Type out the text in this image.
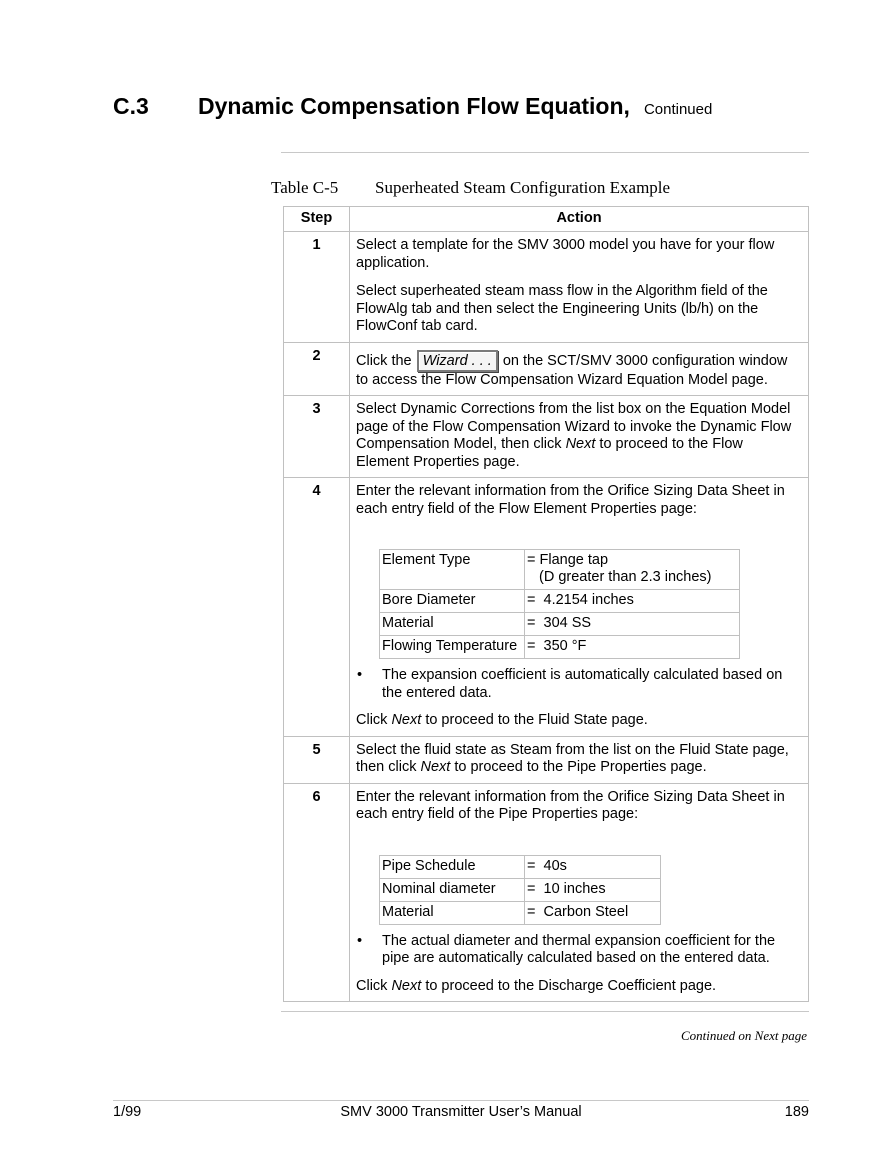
C.3	Dynamic Compensation Flow Equation, Continued
Table C-5	Superheated Steam Configuration Example
Step	Action
1	Select a template for the SMV 3000 model you have for your flow application.

Select superheated steam mass flow in the Algorithm field of the FlowAlg tab and then select the Engineering Units (lb/h) on the FlowConf tab card.

2	Click the Wizard . . . on the SCT/SMV 3000 configuration window to access the Flow Compensation Wizard Equation Model page.

3	Select Dynamic Corrections from the list box on the Equation Model page of the Flow Compensation Wizard to invoke the Dynamic Flow Compensation Model, then click Next to proceed to the Flow Element Properties page.

4	Enter the relevant information from the Orifice Sizing Data Sheet in each entry field of the Flow Element Properties page:

Element Type	= Flange tap
(D greater than 2.3 inches)

Bore Diameter	=  4.2154 inches
Material	=  304 SS
Flowing Temperature	=  350 °F
•	The expansion coefficient is automatically calculated based on the entered data.

Click Next to proceed to the Fluid State page.

5	Select the fluid state as Steam from the list on the Fluid State page, then click Next to proceed to the Pipe Properties page.

6	Enter the relevant information from the Orifice Sizing Data Sheet in each entry field of the Pipe Properties page:

Pipe Schedule	=  40s
Nominal diameter	=  10 inches
Material	=  Carbon Steel
•	The actual diameter and thermal expansion coefficient for the pipe are automatically calculated based on the entered data.

Click Next to proceed to the Discharge Coefficient page.

Continued on Next page
1/99	SMV 3000 Transmitter User’s Manual	189
